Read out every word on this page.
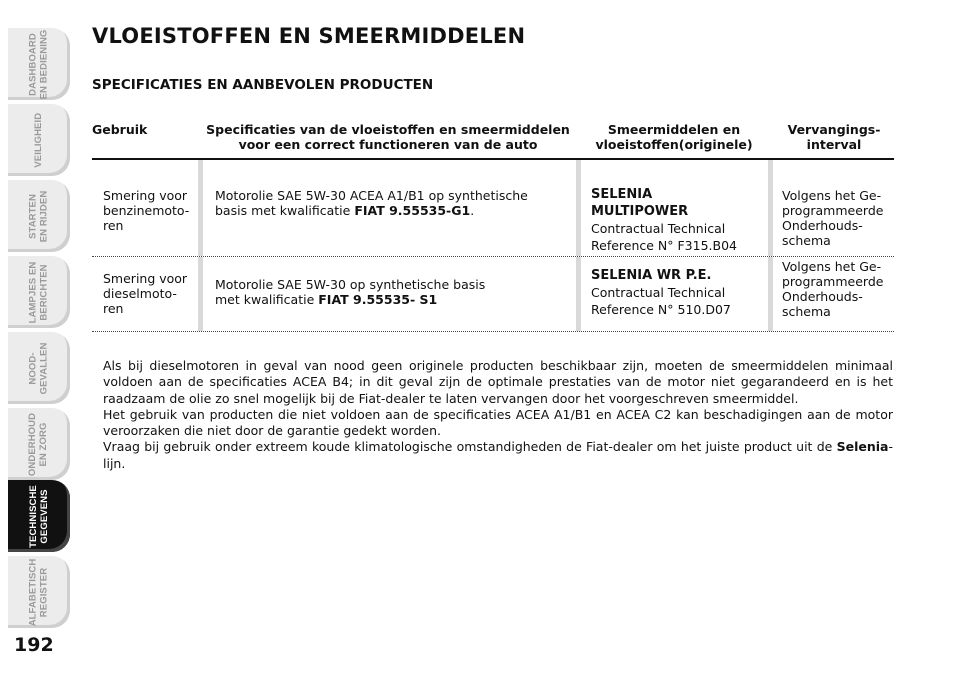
DASHBOARD
EN BEDIENING
VEILIGHEID
STARTEN
EN RIJDEN
LAMPJES EN
BERICHTEN
NOOD-
GEVALLEN
ONDERHOUD
EN ZORG
TECHNISCHE
GEGEVENS
ALFABETISCH
REGISTER
192
VLOEISTOFFEN EN SMEERMIDDELEN
SPECIFICATIES EN AANBEVOLEN PRODUCTEN
Gebruik	Specificaties van de vloeistoffen en smeermiddelen
voor een correct functioneren van de auto
Smeermiddelen en
vloeistoffen(originele)
Vervangings-
interval
Smering voor
benzinemoto-
ren
Motorolie SAE 5W-30 ACEA A1/B1 op synthetische
basis met kwalificatie FIAT 9.55535-G1.
SELENIA
MULTIPOWER
Contractual Technical
Reference N° F315.B04
Volgens het Ge-
programmeerde
Onderhouds-
schema
Smering voor
dieselmoto-
ren
Motorolie SAE 5W-30 op synthetische basis
met kwalificatie FIAT 9.55535- S1
SELENIA WR P.E.
Contractual Technical
Reference N° 510.D07
Volgens het Ge-
programmeerde
Onderhouds-
schema

Als bij dieselmotoren in geval van nood geen originele producten beschikbaar zijn, moeten de smeermiddelen minimaal voldoen aan de specificaties ACEA B4; in dit geval zijn de optimale prestaties van de motor niet gegarandeerd en is het raadzaam de olie zo snel mogelijk bij de Fiat-dealer te laten vervangen door het voorgeschreven smeermiddel.

Het gebruik van producten die niet voldoen aan de specificaties ACEA A1/B1 en ACEA C2 kan beschadigingen aan de motor veroorzaken die niet door de garantie gedekt worden.

Vraag bij gebruik onder extreem koude klimatologische omstandigheden de Fiat-dealer om het juiste product uit de Selenia-lijn.
